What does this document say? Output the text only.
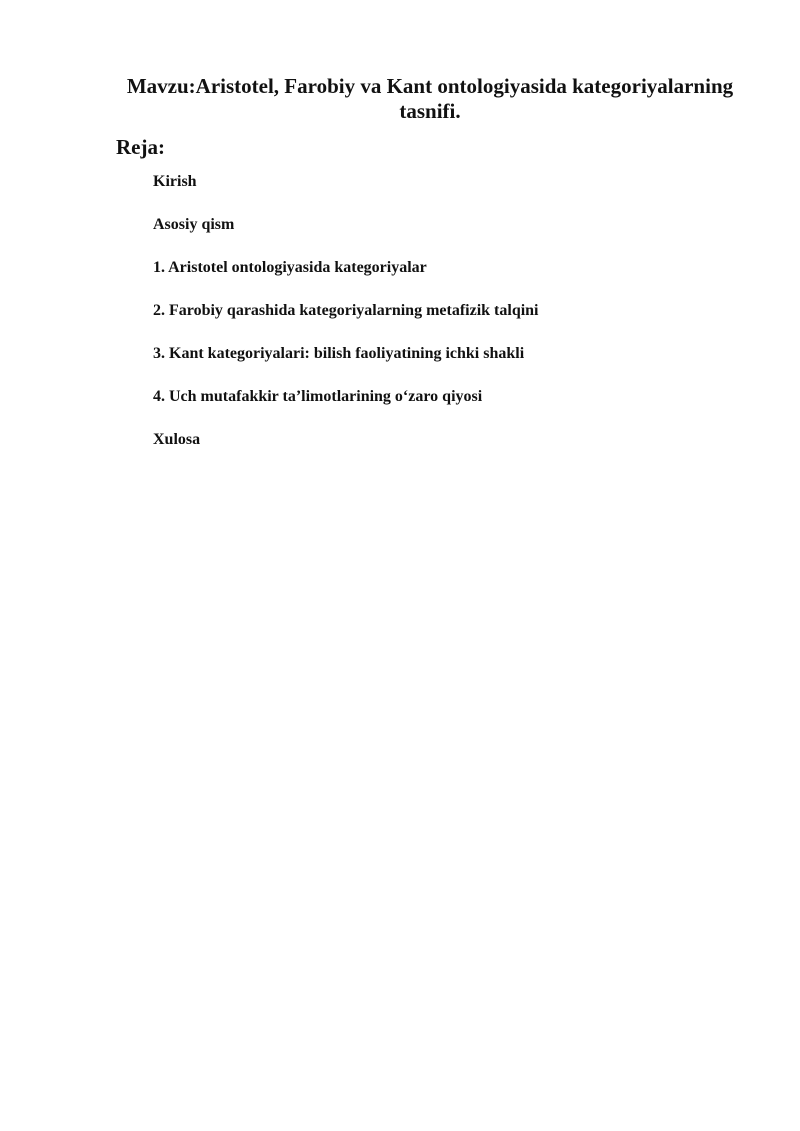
Mavzu:Aristotel, Farobiy va Kant ontologiyasida kategoriyalarning tasnifi.
Reja:
Kirish
Asosiy qism
1. Aristotel ontologiyasida kategoriyalar
2. Farobiy qarashida kategoriyalarning metafizik talqini
3. Kant kategoriyalari: bilish faoliyatining ichki shakli
4. Uch mutafakkir ta’limotlarining o‘zaro qiyosi
Xulosa
